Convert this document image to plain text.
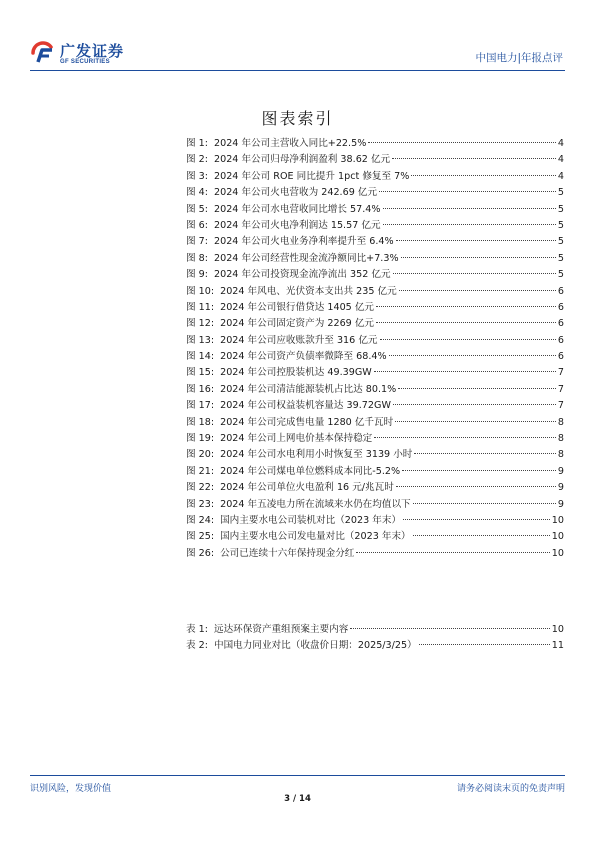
广发证券
GF SECURITIES	中国电力|年报点评
图表索引
图 1: 2024 年公司主营收入同比+22.5%	4
图 2: 2024 年公司归母净利润盈利 38.62 亿元	4
图 3: 2024 年公司 ROE 同比提升 1pct 修复至 7%	4
图 4: 2024 年公司火电营收为 242.69 亿元	5
图 5: 2024 年公司水电营收同比增长 57.4%	5
图 6: 2024 年公司火电净利润达 15.57 亿元	5
图 7: 2024 年公司火电业务净利率提升至 6.4%	5
图 8: 2024 年公司经营性现金流净额同比+7.3%	5
图 9: 2024 年公司投资现金流净流出 352 亿元	5
图 10: 2024 年风电、光伏资本支出共 235 亿元	6
图 11: 2024 年公司银行借贷达 1405 亿元	6
图 12: 2024 年公司固定资产为 2269 亿元	6
图 13: 2024 年公司应收账款升至 316 亿元	6
图 14: 2024 年公司资产负债率微降至 68.4%	6
图 15: 2024 年公司控股装机达 49.39GW	7
图 16: 2024 年公司清洁能源装机占比达 80.1%	7
图 17: 2024 年公司权益装机容量达 39.72GW	7
图 18: 2024 年公司完成售电量 1280 亿千瓦时	8
图 19: 2024 年公司上网电价基本保持稳定	8
图 20: 2024 年公司水电利用小时恢复至 3139 小时	8
图 21: 2024 年公司煤电单位燃料成本同比-5.2%	9
图 22: 2024 年公司单位火电盈利 16 元/兆瓦时	9
图 23: 2024 年五凌电力所在流域来水仍在均值以下	9
图 24: 国内主要水电公司装机对比（2023 年末）	10
图 25: 国内主要水电公司发电量对比（2023 年末）	10
图 26: 公司已连续十六年保持现金分红	10
表 1: 远达环保资产重组预案主要内容	10
表 2: 中国电力同业对比（收盘价日期：2025/3/25）	11
识别风险，发现价值	请务必阅读末页的免责声明
3 / 14
